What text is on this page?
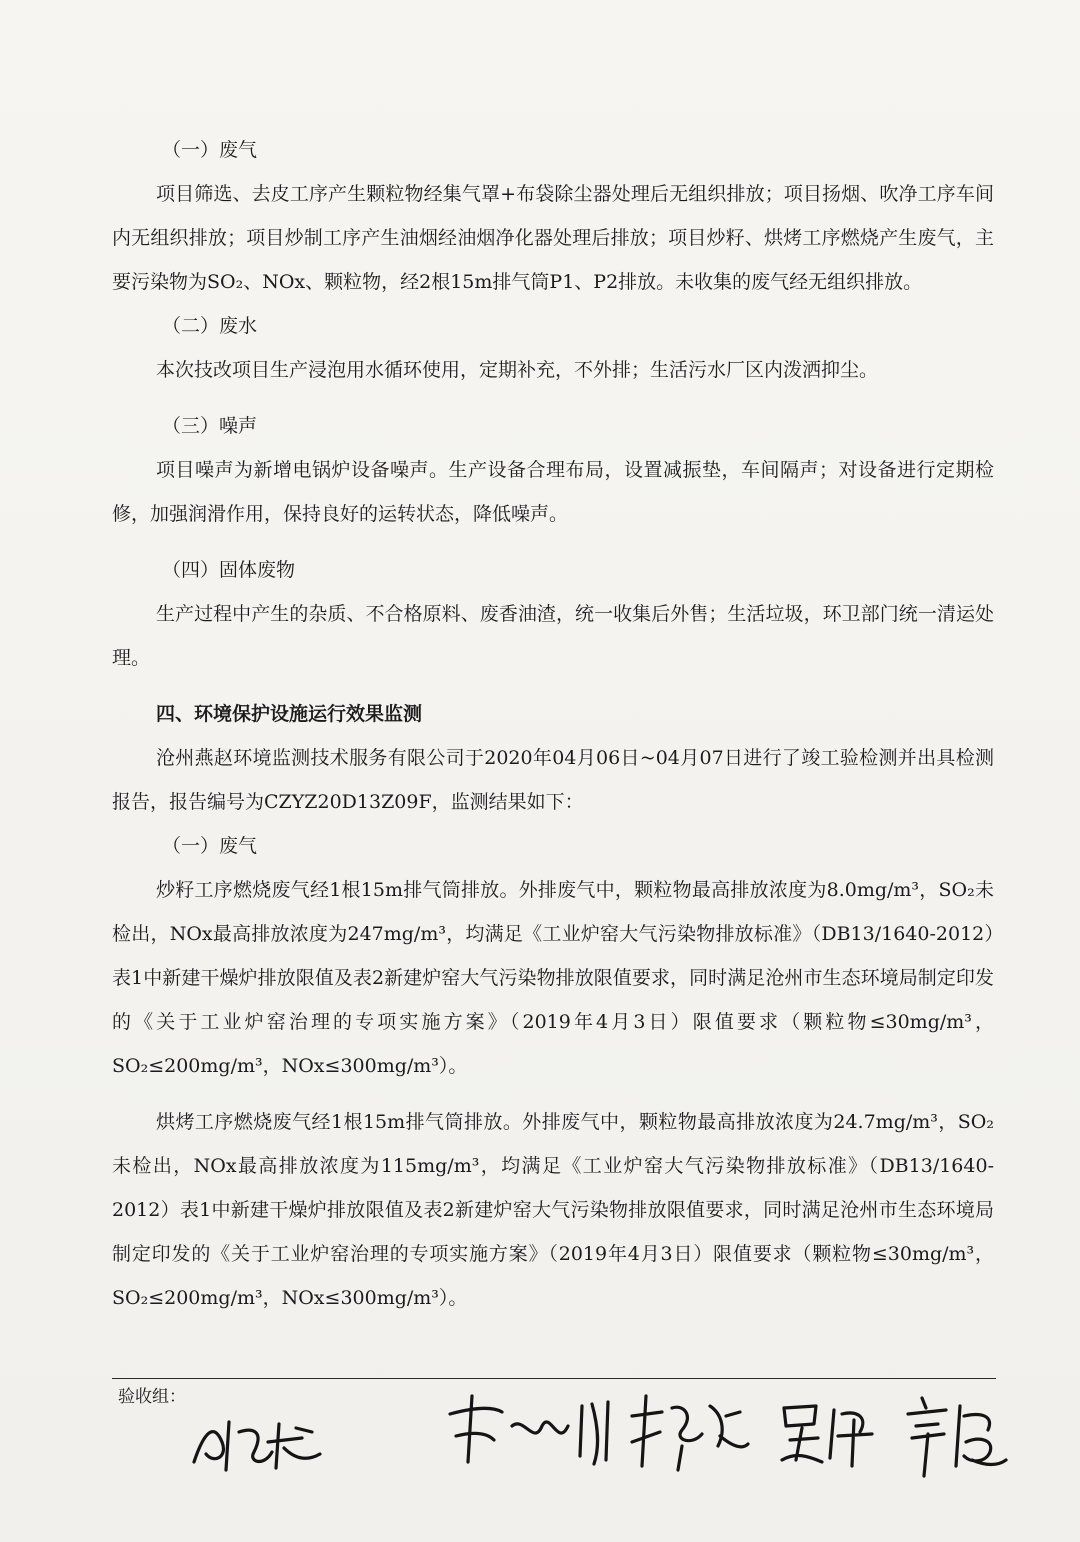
（一）废气

项目筛选、去皮工序产生颗粒物经集气罩+布袋除尘器处理后无组织排放；项目扬烟、吹净工序车间内无组织排放；项目炒制工序产生油烟经油烟净化器处理后排放；项目炒籽、烘烤工序燃烧产生废气，主要污染物为SO₂、NOx、颗粒物，经2根15m排气筒P1、P2排放。未收集的废气经无组织排放。

（二）废水

本次技改项目生产浸泡用水循环使用，定期补充，不外排；生活污水厂区内泼洒抑尘。

（三）噪声

项目噪声为新增电锅炉设备噪声。生产设备合理布局，设置减振垫，车间隔声；对设备进行定期检修，加强润滑作用，保持良好的运转状态，降低噪声。

（四）固体废物

生产过程中产生的杂质、不合格原料、废香油渣，统一收集后外售；生活垃圾，环卫部门统一清运处理。

四、环境保护设施运行效果监测

沧州燕赵环境监测技术服务有限公司于2020年04月06日~04月07日进行了竣工验检测并出具检测报告，报告编号为CZYZ20D13Z09F，监测结果如下：

（一）废气

炒籽工序燃烧废气经1根15m排气筒排放。外排废气中，颗粒物最高排放浓度为8.0mg/m³，SO₂未检出，NOx最高排放浓度为247mg/m³，均满足《工业炉窑大气污染物排放标准》（DB13/1640-2012）表1中新建干燥炉排放限值及表2新建炉窑大气污染物排放限值要求，同时满足沧州市生态环境局制定印发的《关于工业炉窑治理的专项实施方案》（2019年4月3日）限值要求（颗粒物≤30mg/m³，SO₂≤200mg/m³，NOx≤300mg/m³）。

烘烤工序燃烧废气经1根15m排气筒排放。外排废气中，颗粒物最高排放浓度为24.7mg/m³，SO₂未检出，NOx最高排放浓度为115mg/m³，均满足《工业炉窑大气污染物排放标准》（DB13/1640-2012）表1中新建干燥炉排放限值及表2新建炉窑大气污染物排放限值要求，同时满足沧州市生态环境局制定印发的《关于工业炉窑治理的专项实施方案》（2019年4月3日）限值要求（颗粒物≤30mg/m³，SO₂≤200mg/m³，NOx≤300mg/m³）。

验收组：
